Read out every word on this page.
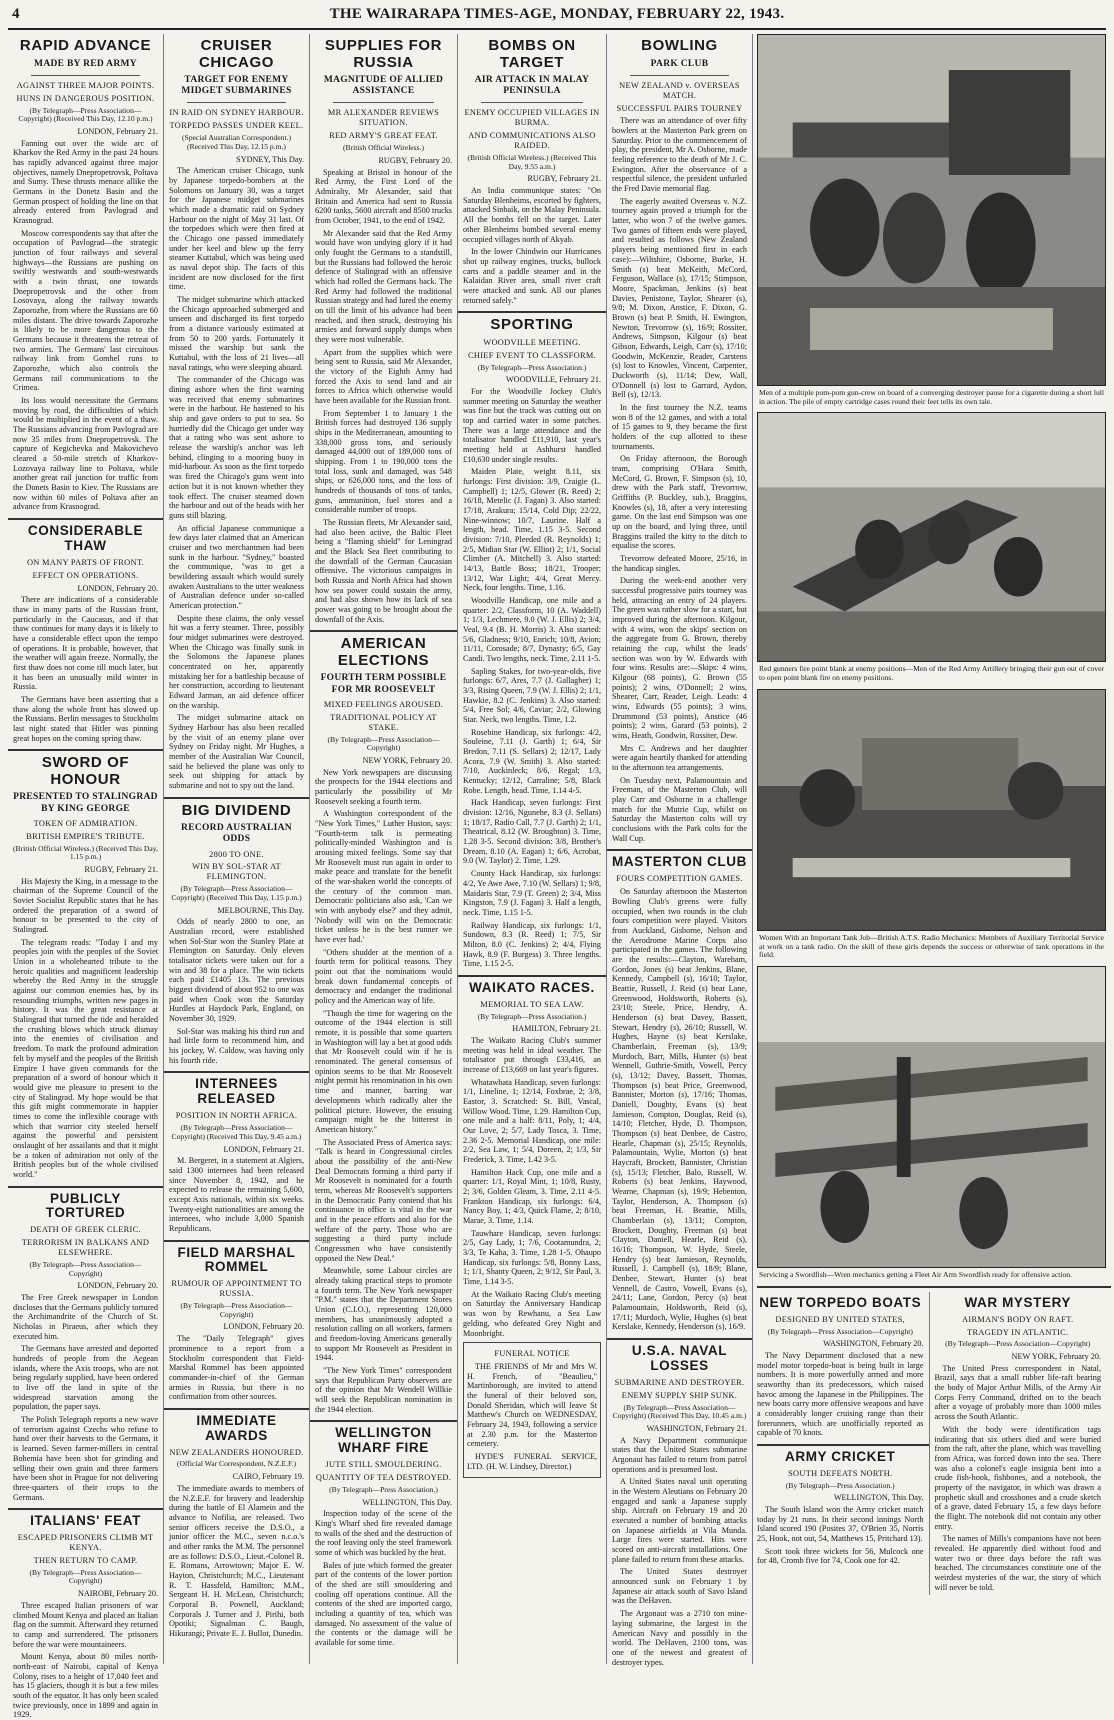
4	THE WAIRARAPA TIMES-AGE, MONDAY, FEBRUARY 22, 1943.
RAPID ADVANCE
MADE BY RED ARMY
AGAINST THREE MAJOR POINTS.
HUNS IN DANGEROUS POSITION.
(By Telegraph—Press Association—Copyright) (Received This Day, 12.10 p.m.)
LONDON, February 21.

Fanning out over the wide arc of Kharkov the Red Army in the past 24 hours has rapidly advanced against three major objectives, namely Dnepropetrovsk, Poltava and Sumy. These thrusts menace allike the Germans in the Donetz Basin and the German prospect of holding the line on that already entered from Pavlograd and Krasnograd.

Moscow correspondents say that after the occupation of Pavlograd—the strategic junction of four railways and several highways—the Russians are pushing on swiftly westwards and south-westwards with a twin thrust, one towards Dnepropetrovsk and the other from Losovaya, along the railway towards Zaporozhe, from where the Russians are 60 miles distant. The drive towards Zaporozhe is likely to be more dangerous to the Germans because it threatens the retreat of two armies. The Germans' last circuitous railway link from Gomhel runs to Zaporozhe, which also controls the Germans rail communications to the Crimea.

Its loss would necessitate the Germans moving by road, the difficulties of which would be multiplied in the event of a thaw. The Russians advancing from Pavlograd are now 35 miles from Dnepropetrovsk. The capture of Kegichevka and Makovichevo cleared a 50-mile stretch of Kharkov-Lozovaya railway line to Poltava, while another great rail junction for traffic from the Donets Basin to Kiev. The Russians are now within 60 miles of Poltava after an advance from Krasnograd.

CONSIDERABLE THAW
ON MANY PARTS OF FRONT.
EFFECT ON OPERATIONS.
LONDON, February 20.

There are indications of a considerable thaw in many parts of the Russian front, particularly in the Caucasus, and if that thaw continues for many days it is likely to have a considerable effect upon the tempo of operations. It is probable, however, that the weather will again freeze. Normally, the first thaw does not come till much later, but it has been an unusually mild winter in Russia.

The Germans have been asserting that a thaw along the whole front has slowed up the Russians. Berlin messages to Stockholm last night stated that Hitler was pinning great hopes on the coming spring thaw.

SWORD OF HONOUR
PRESENTED TO STALINGRAD BY KING GEORGE
TOKEN OF ADMIRATION.
BRITISH EMPIRE'S TRIBUTE.
(British Official Wireless.) (Received This Day, 1.15 p.m.)
RUGBY, February 21.

His Majesty the King, in a message to the chairman of the Supreme Council of the Soviet Socialist Republic states that he has ordered the preparation of a sword of honour to be presented to the city of Stalingrad.

The telegram reads: "Today I and my peoples join with the peoples of the Soviet Union in a wholehearted tribute to the heroic qualities and magnificent leadership whereby the Red Army in the struggle against our common enemies has, by its resounding triumphs, written new pages in history. It was the great resistance at Stalingrad that turned the tide and heralded the crushing blows which struck dismay into the enemies of civilisation and freedom. To mark the profound admiration felt by myself and the peoples of the British Empire I have given commands for the preparation of a sword of honour which it would give me pleasure to present to the city of Stalingrad. My hope would be that this gift might commemorate in happier times to come the inflexible courage with which that warrior city steeled herself against the powerful and persistent onslaught of her assailants and that it might be a token of admiration not only of the British peoples but of the whole civilised world."

PUBLICLY TORTURED
DEATH OF GREEK CLERIC.
TERRORISM IN BALKANS AND ELSEWHERE.
(By Telegraph—Press Association—Copyright)
LONDON, February 20.

The Free Greek newspaper in London discloses that the Germans publicly tortured the Archimandrite of the Church of St. Nicholas in Piraeus, after which they executed him.

The Germans have arrested and deported hundreds of people from the Aegean islands, where the Axis troops, who are not being regularly supplied, have been ordered to live off the land in spite of the widespread starvation among the population, the paper says.

The Polish Telegraph reports a new wave of terrorism against Czechs who refuse to hand over their harvests to the Germans, it is learned. Seven farmer-millers in central Bohemia have been shot for grinding and selling their own grain and three farmers have been shot in Prague for not delivering three-quarters of their crops to the Germans.

ITALIANS' FEAT
ESCAPED PRISONERS CLIMB MT KENYA.
THEN RETURN TO CAMP.
(By Telegraph—Press Association—Copyright)
NAIROBI, February 20.

Three escaped Italian prisoners of war climbed Mount Kenya and placed an Italian flag on the summit. Afterward they returned to camp and surrendered. The prisoners before the war were mountaineers.

Mount Kenya, about 80 miles north-north-east of Nairobi, capital of Kenya Colony, rises to a height of 17,040 feet and has 15 glaciers, though it is but a few miles south of the equator. It has only been scaled twice previously, once in 1899 and again in 1929.

CRUISER CHICAGO
TARGET FOR ENEMY MIDGET SUBMARINES
IN RAID ON SYDNEY HARBOUR.
TORPEDO PASSES UNDER KEEL.
(Special Australian Correspondent.) (Received This Day, 12.15 p.m.)
SYDNEY, This Day.

The American cruiser Chicago, sunk by Japanese torpedo-bombers at the Solomons on January 30, was a target for the Japanese midget submarines which made a dramatic raid on Sydney Harbour on the night of May 31 last. Of the torpedoes which were then fired at the Chicago one passed immediately under her keel and blew up the ferry steamer Kuttabul, which was being used as naval depot ship. The facts of this incident are now disclosed for the first time.

The midget submarine which attacked the Chicago approached submerged and unseen and discharged its first torpedo from a distance variously estimated at from 50 to 200 yards. Fortunately it missed the warship but sank the Kuttabul, with the loss of 21 lives—all naval ratings, who were sleeping aboard.

The commander of the Chicago was dining ashore when the first warning was received that enemy submarines were in the harbour. He hastened to his ship and gave orders to put to sea. So hurriedly did the Chicago get under way that a rating who was sent ashore to release the warship's anchor was left behind, clinging to a mooring buoy in mid-harbour. As soon as the first torpedo was fired the Chicago's guns went into action but it is not known whether they took effect. The cruiser steamed down the harbour and out of the heads with her guns still blazing.

An official Japanese communique a few days later claimed that an American cruiser and two merchantmen had been sunk in the harbour. "Sydney," boasted the communique, "was to get a bewildering assault which would surely awaken Australians to the utter weakness of Australian defence under so-called American protection."

Despite these claims, the only vessel hit was a ferry steamer. Three, possibly four midget submarines were destroyed. When the Chicago was finally sunk in the Solomons the Japanese planes concentrated on her, apparently mistaking her for a battleship because of her construction, according to lieutenant Edward Jarman, an aid defence officer on the warship.

The midget submarine attack on Sydney Harbour has also been recalled by the visit of an enemy plane over Sydney on Friday night. Mr Hughes, a member of the Australian War Council, said he believed the plane was only to seek out shipping for attack by submarine and not to spy out the land.

BIG DIVIDEND
RECORD AUSTRALIAN ODDS
2800 TO ONE.
WIN BY SOL-STAR AT FLEMINGTON.
(By Telegraph—Press Association—Copyright) (Received This Day, 1.15 p.m.)
MELBOURNE, This Day.

Odds of nearly 2800 to one, an Australian record, were established when Sol-Star won the Stanley Plate at Flemington on Saturday. Only eleven totalisator tickets were taken out for a win and 38 for a place. The win tickets each paid £1405 13s. The previous biggest dividend of about 952 to one was paid when Cook won the Saturday Hurdles at Haydock Park, England, on November 30, 1929.

Sol-Star was making his third run and had little form to recommend him, and his jockey, W. Caldow, was having only his fourth ride.

INTERNEES RELEASED
POSITION IN NORTH AFRICA.
(By Telegraph—Press Association—Copyright) (Received This Day, 9.45 a.m.)
LONDON, February 21.

M. Bergeret, in a statement at Algiers, said 1300 internees had been released since November 8, 1942, and he expected to release the remaining 5,600, except Axis nationals, within six weeks. Twenty-eight nationalities are among the internees, who include 3,000 Spanish Republicans.

FIELD MARSHAL ROMMEL
RUMOUR OF APPOINTMENT TO RUSSIA.
(By Telegraph—Press Association—Copyright)
LONDON, February 20.

The "Daily Telegraph" gives prominence to a report from a Stockholm correspondent that Field-Marshal Rommel has been appointed commander-in-chief of the German armies in Russia, but there is no confirmation from other sources.

IMMEDIATE AWARDS
NEW ZEALANDERS HONOURED.
(Official War Correspondent, N.Z.E.F.)
CAIRO, February 19.

The immediate awards to members of the N.Z.E.F. for bravery and leadership during the battle of El Alamein and the advance to Nofilia, are released. Two senior officers receive the D.S.O., a junior officer the M.C., seven n.c.o.'s and other ranks the M.M. The personnel are as follows: D.S.O., Lieut.-Colonel R. E. Romans, Arrowtown; Major E. W. Hayton, Christchurch; M.C., Lieutenant R. T. Hassfeld, Hamilton; M.M., Sergeant H. H. McLean, Christchurch; Corporal B. Pownell, Auckland; Corporals J. Turner and J. Pirihi, both Opotiki; Signalman C. Baugh, Hikurangi; Private E. J. Bullot, Dunedin.

SUPPLIES FOR RUSSIA
MAGNITUDE OF ALLIED ASSISTANCE
MR ALEXANDER REVIEWS SITUATION.
RED ARMY'S GREAT FEAT.
(British Official Wireless.)
RUGBY, February 20.

Speaking at Bristol in honour of the Red Army, the First Lord of the Admiralty, Mr Alexander, said that Britain and America had sent to Russia 6200 tanks, 5600 aircraft and 8500 trucks from October, 1941, to the end of 1942.

Mr Alexander said that the Red Army would have won undying glory if it had only fought the Germans to a standstill, but the Russians had followed the heroic defence of Stalingrad with an offensive which had rolled the Germans back. The Red Army had followed the traditional Russian strategy and had lured the enemy on till the limit of his advance had been reached, and then struck, destroying his armies and forward supply dumps when they were most vulnerable.

Apart from the supplies which were being sent to Russia, said Mr Alexander, the victory of the Eighth Army had forced the Axis to send land and air forces to Africa which otherwise would have been available for the Russian front.

From September 1 to January 1 the British forces had destroyed 136 supply ships in the Mediterranean, amounting to 338,000 gross tons, and seriously damaged 44,000 out of 189,000 tons of shipping. From 1 to 190,000 tons the total loss, sunk and damaged, was 548 ships, or 626,000 tons, and the loss of hundreds of thousands of tons of tanks, guns, ammunition, fuel stores and a considerable number of troops.

The Russian fleets, Mr Alexander said, had also been active, the Baltic Fleet being a "flaming shield" for Leningrad and the Black Sea fleet contributing to the downfall of the German Caucasian offensive. The victorious campaigns in both Russia and North Africa had shown how sea power could sustain the army, and had also shown how its lack of sea power was going to be brought about the downfall of the Axis.

AMERICAN ELECTIONS
FOURTH TERM POSSIBLE FOR MR ROOSEVELT
MIXED FEELINGS AROUSED.
TRADITIONAL POLICY AT STAKE.
(By Telegraph—Press Association—Copyright)
NEW YORK, February 20.

New York newspapers are discussing the prospects for the 1944 elections and particularly the possibility of Mr Roosevelt seeking a fourth term.

A Washington correspondent of the "New York Times," Luther Huston, says: "Fourth-term talk is permeating politically-minded Washington and is arousing mixed feelings. Some say that Mr Roosevelt must run again in order to make peace and translate for the benefit of the war-shaken world the concepts of the century of the common man. Democratic politicians also ask, 'Can we win with anybody else?' and they admit, 'Nobody will win on the Democratic ticket unless he is the best runner we have ever had.'

"Others shudder at the mention of a fourth term for political reasons. They point out that the nominations would break down fundamental concepts of democracy and endanger the traditional policy and the American way of life.

"Though the time for wagering on the outcome of the 1944 election is still remote, it is possible that some quarters in Washington will lay a bet at good odds that Mr Roosevelt could win if he is renominated. The general consensus of opinion seems to be that Mr Roosevelt might permit his renomination in his own time and manner, barring war developments which radically alter the political picture. However, the ensuing campaign might be the bitterest in American history."

The Associated Press of America says: "Talk is heard in Congressional circles about the possibility of the anti-New Deal Democrats forming a third party if Mr Roosevelt is nominated for a fourth term, whereas Mr Roosevelt's supporters in the Democratic Party contend that his continuance in office is vital in the war and in the peace efforts and also for the welfare of the party. Those who are suggesting a third party include Congressmen who have consistently opposed the New Deal."

Meanwhile, some Labour circles are already taking practical steps to promote a fourth term. The New York newspaper "P.M." states that the Department Stores Union (C.I.O.), representing 120,000 members, has unanimously adopted a resolution calling on all workers, farmers and freedom-loving Americans generally to support Mr Roosevelt as President in 1944.

"The New York Times" correspondent says that Republican Party observers are of the opinion that Mr Wendell Willkie will seek the Republican nomination in the 1944 election.

WELLINGTON WHARF FIRE
JUTE STILL SMOULDERING.
QUANTITY OF TEA DESTROYED.
(By Telegraph—Press Association.)
WELLINGTON, This Day.

Inspection today of the scene of the King's Wharf shed fire revealed damage to walls of the shed and the destruction of the roof leaving only the steel framework some of which was buckled by the heat.

Bales of jute which formed the greater part of the contents of the lower portion of the shed are still smouldering and cooling off operations continue. All the contents of the shed are imported cargo, including a quantity of tea, which was damaged. No assessment of the value of the contents or the damage will be available for some time.

BOMBS ON TARGET
AIR ATTACK IN MALAY PENINSULA
ENEMY OCCUPIED VILLAGES IN BURMA.
AND COMMUNICATIONS ALSO RAIDED.
(British Official Wireless.) (Received This Day, 9.55 a.m.)
RUGBY, February 21.

An India communique states: "On Saturday Blenheims, escorted by fighters, attacked Sinbaik, on the Malay Peninsula. All the bombs fell on the target. Later other Blenheims bombed several enemy occupied villages north of Akyab.

In the lower Chindwin our Hurricanes shot up railway engines, trucks, bullock carts and a paddle steamer and in the Kalaidan River area, small river craft were attacked and sunk. All our planes returned safely."

SPORTING
WOODVILLE MEETING.
CHIEF EVENT TO CLASSFORM.
(By Telegraph—Press Association.)
WOODVILLE, February 21.

For the Woodville Jockey Club's summer meeting on Saturday the weather was fine but the track was cutting out on top and carried water in some patches. There was a large attendance and the totalisator handled £11,910, last year's meeting held at Ashhurst handled £10,630 under single results.

Maiden Plate, weight 8.11, six furlongs: First division: 3/9, Craigie (L. Campbell) 1; 12/5, Glower (R. Reed) 2; 16/18, Metelic (J. Fagan) 3. Also started: 17/18, Arakura; 15/14, Cold Dip; 22/22, Nine-winnow; 10/7, Laurine. Half a length, head. Time, 1.15 3-5. Second division: 7/10, Pleeded (R. Reynolds) 1; 2/5, Midian Star (W. Elliot) 2; 1/1, Social Climber (A. Mitchell) 3. Also started: 14/13, Battle Boss; 18/21, Trooper; 13/12, War Light; 4/4, Great Mercy. Neck, four lengths. Time, 1.16.

Woodville Handicap, one mile and a quarter: 2/2, Classform, 10 (A. Waddell) 1; 1/3, Lechmere, 9.0 (W. J. Ellis) 2; 3/4, Veal, 9.4 (B. H. Morris) 3. Also started: 5/6, Gladness; 9/10, Enrich; 10/8, Avion; 11/11, Corosade; 8/7, Dynasty; 6/5, Gay Candi. Two lengths, neck. Time, 2.11 1-5.

Sapling Stakes, for two-year-olds, five furlongs: 6/7, Ares, 7.7 (J. Gallagher) 1; 3/3, Rising Queen, 7.9 (W. J. Ellis) 2; 1/1, Hawkie, 8.2 (C. Jenkins) 3. Also started: 5/4, Free Sol; 4/6, Caviar; 2/2, Glowing Star. Neck, two lengths. Time, 1.2.

Rosebine Handicap, six furlongs: 4/2, Souleine, 7.11 (J. Garth) 1; 6/4, Sir Bredon, 7.11 (S. Sellars) 2; 12/17, Lady Acora, 7.9 (W. Smith) 3. Also started: 7/10, Auckinleck; 8/6, Regal; 1/3, Kentucky; 12/12, Carraline; 5/8, Black Robe. Length, head. Time, 1.14 4-5.

Hack Handicap, seven furlongs: First division: 12/16, Ngunehe, 8.3 (J. Sellars) 1; 18/17, Radio Call, 7.7 (J. Garth) 2; 1/1, Theatrical, 8.12 (W. Broughton) 3. Time, 1.28 3-5. Second division: 3/8, Brother's Dream, 8.10 (A. Eagan) 1; 6/6, Acrobat, 9.0 (W. Taylor) 2. Time, 1.29.

County Hack Handicap, six furlongs: 4/2, Ye Awe Awe, 7.10 (W. Sellars) 1; 9/8, Maidaris Star, 7.9 (T. Green) 2; 3/4, Miss Kingston, 7.9 (J. Fagan) 3. Half a length, neck. Time, 1.15 1-5.

Railway Handicap, six furlongs: 1/1, Sundown, 8.3 (R. Reed) 1; 7/5, Sir Milton, 8.0 (C. Jenkins) 2; 4/4, Flying Hawk, 8.9 (F. Burgess) 3. Three lengths. Time, 1.15 2-5.

WAIKATO RACES.
MEMORIAL TO SEA LAW.
(By Telegraph—Press Association.)
HAMILTON, February 21.

The Waikato Racing Club's summer meeting was held in ideal weather. The totalisator put through £33,416, an increase of £13,669 on last year's figures.

Whatawhata Handicap, seven furlongs: 1/1, Lineline, 1; 12/14, Foxbrae, 2; 3/8, Eastor, 3. Scratched: St. Bill, Vascal, Willow Wood. Time, 1.29. Hamilton Cup, one mile and a half: 8/11, Poly, 1; 4/4, Our Love, 2; 5/7, Lady Tosca, 3. Time, 2.36 2-5. Memorial Handicap, one mile: 2/2, Sea Law, 1; 5/4, Doreen, 2; 1/3, Sir Frederick, 3. Time, 1.42 3-5.

Hamilton Hack Cup, one mile and a quarter: 1/1, Royal Mint, 1; 10/8, Rusty, 2; 3/6, Golden Gleam, 3. Time, 2.11 4-5. Frankton Handicap, six furlongs: 6/4, Nancy Boy, 1; 4/3, Quick Flame, 2; 8/10, Marae, 3. Time, 1.14.

Tauwhare Handicap, seven furlongs: 2/5, Gay Lady, 1; 7/6, Cootamundra, 2; 3/3, Te Kaha, 3. Time, 1.28 1-5. Ohaupo Handicap, six furlongs: 5/8, Bonny Lass, 1; 1/1, Shanty Queen, 2; 9/12, Sir Paul, 3. Time, 1.14 3-5.

At the Waikato Racing Club's meeting on Saturday the Anniversary Handicap was won by Rewhanu, a Sea Law gelding, who defeated Grey Night and Moonbright.

FUNERAL NOTICE

THE FRIENDS of Mr and Mrs W. H. French, of "Beaulieu," Martinborough, are invited to attend the funeral of their beloved son, Donald Sheridan, which will leave St Matthew's Church on WEDNESDAY, February 24, 1943, following a service at 2.30 p.m. for the Masterton cemetery.

HYDE'S FUNERAL SERVICE, LTD. (H. W. Lindsey, Director.)

BOWLING
PARK CLUB
NEW ZEALAND v. OVERSEAS MATCH.
SUCCESSFUL PAIRS TOURNEY

There was an attendance of over fifty bowlers at the Masterton Park green on Saturday. Prior to the commencement of play, the president, Mr A. Osborne, made feeling reference to the death of Mr J. C. Ewington. After the observance of a respectful silence, the president unfurled the Fred Davie memorial flag.

The eagerly awaited Overseas v. N.Z. tourney again proved a triumph for the latter, who won 7 of the twelve games. Two games of fifteen ends were played, and resulted as follows (New Zealand players being mentioned first in each case):—Wiltshire, Osborne, Burke, H. Smith (s) beat McKeith, McCord, Ferguson, Wallace (s), 17/15; Stimpson, Moore, Spackman, Jenkins (s) beat Davies, Penistone, Taylor, Shearer (s), 9/8; M. Dixon, Anstice, F. Dixon, G. Brown (s) beat P. Smith, H. Ewington, Newton, Trevorrow (s), 16/9; Rossiter, Andrews, Simpson, Kilgour (s) beat Gibson, Edwards, Leigh, Carr (s), 17/10; Goodwin, McKenzie, Reader, Carstens (s) lost to Knowles, Vincent, Carpenter, Duckworth (s), 11/14; Dew, Wall, O'Donnell (s) lost to Garrard, Aydon, Bell (s), 12/13.

In the first tourney the N.Z. teams won 8 of the 12 games, and with a total of 15 games to 9, they became the first holders of the cup allotted to these tournaments.

On Friday afternoon, the Borough team, comprising O'Hara Smith, McCord, G. Brown, F. Simpson (s), 10, drew with the Park staff, Trevorrow, Griffiths (P. Buckley, sub.), Braggins, Knowles (s), 18, after a very interesting game. On the last end Simpson was one up on the board, and lying three, until Braggins trailed the kitty to the ditch to equalise the scores.

Trevorrow defeated Moore, 25/16, in the handicap singles.

During the week-end another very successful progressive pairs tourney was held, attracting an entry of 24 players. The green was rather slow for a start, but improved during the afternoon. Kilgour, with 4 wins, won the skips' section on the aggregate from G. Brown, thereby retaining the cup, whilst the leads' section was won by W. Edwards with four wins. Results are:—Skips: 4 wins, Kilgour (68 points), G. Brown (55 points); 2 wins, O'Donnell; 2 wins, Shearer, Carr, Reader, Leigh. Leads: 4 wins, Edwards (55 points); 3 wins, Drummond (53 points), Anstice (46 points); 2 wins, Garard (53 points), 2 wins, Heath, Goodwin, Rossiter, Dew.

Mrs C. Andrews and her daughter were again heartily thanked for attending to the afternoon tea arrangements.

On Tuesday next, Palamountain and Freeman, of the Masterton Club, will play Carr and Osborne in a challenge match for the Mutrie Cup, whilst on Saturday the Masterton colts will try conclusions with the Park colts for the Wall Cup.

MASTERTON CLUB
FOURS COMPETITION GAMES.

On Saturday afternoon the Masterton Bowling Club's greens were fully occupied, when two rounds in the club fours competition were played. Visitors from Auckland, Gisborne, Nelson and the Aerodrome Marine Corps also participated in the games. The following are the results:—Clayton, Wareham, Gordon, Jones (s) beat Jenkins, Blane, Kennedy, Campbell (s), 16/10; Taylor, Beattie, Russell, J. Reid (s) beat Lane, Greenwood, Holdsworth, Roberts (s), 23/10; Steele, Price, Hendry, A. Henderson (s) beat Davey, Bassett, Stewart, Hendry (s), 26/10; Russell, W. Hughes, Hayne (s) beat Kerslake, Chamberlain, Freeman (s), 13/9; Murdoch, Barr, Mills, Hunter (s) beat Wennell, Guthrie-Smith, Vowell, Percy (s), 13/12; Davey, Bassett, Thomas, Thompson (s) beat Price, Greenwood, Bannister, Morton (s), 17/16; Thomas, Daniell, Doughty, Evans (s) beat Jamieson, Compton, Douglas, Reid (s), 14/10; Fletcher, Hyde, D. Thompson, Thompson (s) beat Denbee, de Castro, Hearle, Chapman (s), 25/15; Reynolds, Palamountain, Wylie, Morton (s) beat Haycraft, Brockett, Bannister, Christian (s), 15/13; Fletcher, Balo, Russell, W. Roberts (s) beat Jenkins, Haywood, Wearne, Chapman (s), 19/9; Hebenton, Taylor, Henderson, A. Thompson (s) beat Freeman, H. Beattie, Mills, Chamberlain (s), 13/11; Compton, Brockett, Doughty, Freeman (s) beat Clayton, Daniell, Hearle, Reid (s), 16/16; Thompson, W. Hyde, Steele, Hendry (s) beat Jamieson, Reynolds, Russell, J. Campbell (s), 18/9; Blane, Denbee, Stewart, Hunter (s) beat Vennell, de Castro, Vowell, Evans (s), 24/11; Lane, Gordon, Percy (s) beat Palamountain, Holdsworth, Reid (s), 17/11; Murdoch, Wylie, Hughes (s) beat Kerslake, Kennedy, Henderson (s), 16/9.

U.S.A. NAVAL LOSSES
SUBMARINE AND DESTROYER.
ENEMY SUPPLY SHIP SUNK.
(By Telegraph—Press Association—Copyright) (Received This Day, 10.45 a.m.)
WASHINGTON, February 21.

A Navy Department communique states that the United States submarine Argonaut has failed to return from patrol operations and is presumed lost.

A United States naval unit operating in the Western Aleutians on February 20 engaged and sank a Japanese supply ship. Aircraft on February 19 and 20 executed a number of bombing attacks on Japanese airfields at Vila Munda. Large fires were started. Hits were scored on anti-aircraft installations. One plane failed to return from these attacks.

The United States destroyer announced sunk on February 1 by Japanese air attack south of Savo Island was the DeHaven.

The Argonaut was a 2710 ton mine-laying submarine, the largest in the American Navy and possibly in the world. The DeHaven, 2100 tons, was one of the newest and greatest of destroyer types.

Men of a multiple pom-pom gun-crew on board of a converging destroyer pause for a cigarette during a short lull in action. The pile of empty cartridge cases round their feet tells its own tale.
Red gunners fire point blank at enemy positions—Men of the Red Army Artillery bringing their gun out of cover to open point blank fire on enemy positions.
Women With an Important Tank Job—British A.T.S. Radio Mechanics: Members of Auxiliary Territorial Service at work on a tank radio. On the skill of these girls depends the success or otherwise of tank operations in the field.
Servicing a Swordfish—Wren mechanics getting a Fleet Air Arm Swordfish ready for offensive action.
NEW TORPEDO BOATS
DESIGNED BY UNITED STATES,
(By Telegraph—Press Association—Copyright)
WASHINGTON, February 20.

The Navy Department disclosed that a new model motor torpedo-boat is being built in large numbers. It is more powerfully armed and more seaworthy than its predecessors, which raised havoc among the Japanese in the Philippines. The new boats carry more offensive weapons and have a considerably longer cruising range than their forerunners, which are unofficially reported as capable of 70 knots.

ARMY CRICKET
SOUTH DEFEATS NORTH.
(By Telegraph—Press Association.)
WELLINGTON, This Day.

The South Island won the Army cricket match today by 21 runs. In their second innings North Island scored 190 (Posites 37, O'Brien 35, Norris 25, Hook, not out, 54, Matthews 15, Pritchard 13).

Scott took three wickets for 56, Mulcock one for 48, Cromb five for 74, Cook one for 42.

WAR MYSTERY
AIRMAN'S BODY ON RAFT.
TRAGEDY IN ATLANTIC.
(By Telegraph—Press Association—Copyright)
NEW YORK, February 20.

The United Press correspondent in Natal, Brazil, says that a small rubber life-raft bearing the body of Major Arthur Mills, of the Army Air Corps Ferry Command, drifted on to the beach after a voyage of probably more than 1000 miles across the South Atlantic.

With the body were identification tags indicating that six others died and were buried from the raft, after the plane, which was travelling from Africa, was forced down into the sea. There was also a colonel's eagle insignia bent into a crude fish-hook, fishbones, and a notebook, the property of the navigator, in which was drawn a prophetic skull and crossbones and a crude sketch of a grave, dated February 15, a few days before the flight. The notebook did not contain any other entry.

The names of Mills's companions have not been revealed. He apparently died without food and water two or three days before the raft was beached. The circumstances constitute one of the weirdest mysteries of the war, the story of which will never be told.
